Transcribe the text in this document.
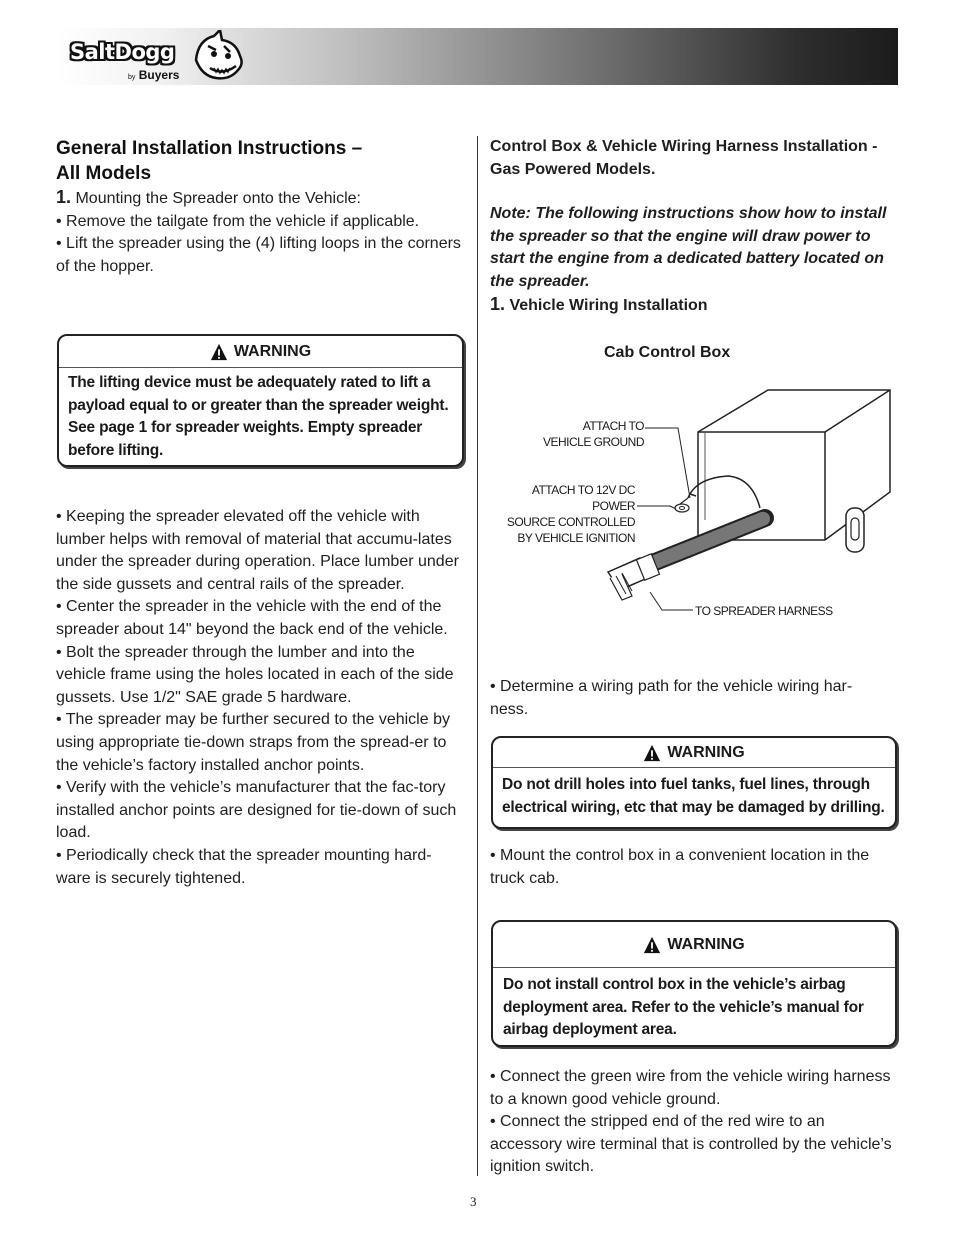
SaltDogg
by Buyers
General Installation Instructions –
All Models
1. Mounting the Spreader onto the Vehicle:
• Remove the tailgate from the vehicle if applicable.
• Lift the spreader using the (4) lifting loops in the corners of the hopper.
WARNING
The lifting device must be adequately rated to lift a payload equal to or greater than the spreader weight. See page 1 for spreader weights. Empty spreader before lifting.
• Keeping the spreader elevated off the vehicle with lumber helps with removal of material that accumu-lates under the spreader during operation. Place lumber under the side gussets and central rails of the spreader.
• Center the spreader in the vehicle with the end of the spreader about 14" beyond the back end of the vehicle.
• Bolt the spreader through the lumber and into the vehicle frame using the holes located in each of the side gussets. Use 1/2" SAE grade 5 hardware.
• The spreader may be further secured to the vehicle by using appropriate tie-down straps from the spread-er to the vehicle’s factory installed anchor points.
• Verify with the vehicle’s manufacturer that the fac-tory installed anchor points are designed for tie-down of such load.
• Periodically check that the spreader mounting hard-ware is securely tightened.
Control Box & Vehicle Wiring Harness Installation - Gas Powered Models.
Note: The following instructions show how to install the spreader so that the engine will draw power to start the engine from a dedicated battery located on the spreader.
1. Vehicle Wiring Installation
Cab Control Box
ATTACH TO
VEHICLE GROUND
ATTACH TO 12V DC POWER
SOURCE CONTROLLED
BY VEHICLE IGNITION
TO SPREADER HARNESS
• Determine a wiring path for the vehicle wiring har-ness.
WARNING
Do not drill holes into fuel tanks, fuel lines, through electrical wiring, etc that may be damaged by drilling.
• Mount the control box in a convenient location in the truck cab.
WARNING
Do not install control box in the vehicle’s airbag deployment area. Refer to the vehicle’s manual for airbag deployment area.
• Connect the green wire from the vehicle wiring harness to a known good vehicle ground.
• Connect the stripped end of the red wire to an accessory wire terminal that is controlled by the vehicle’s ignition switch.
3
